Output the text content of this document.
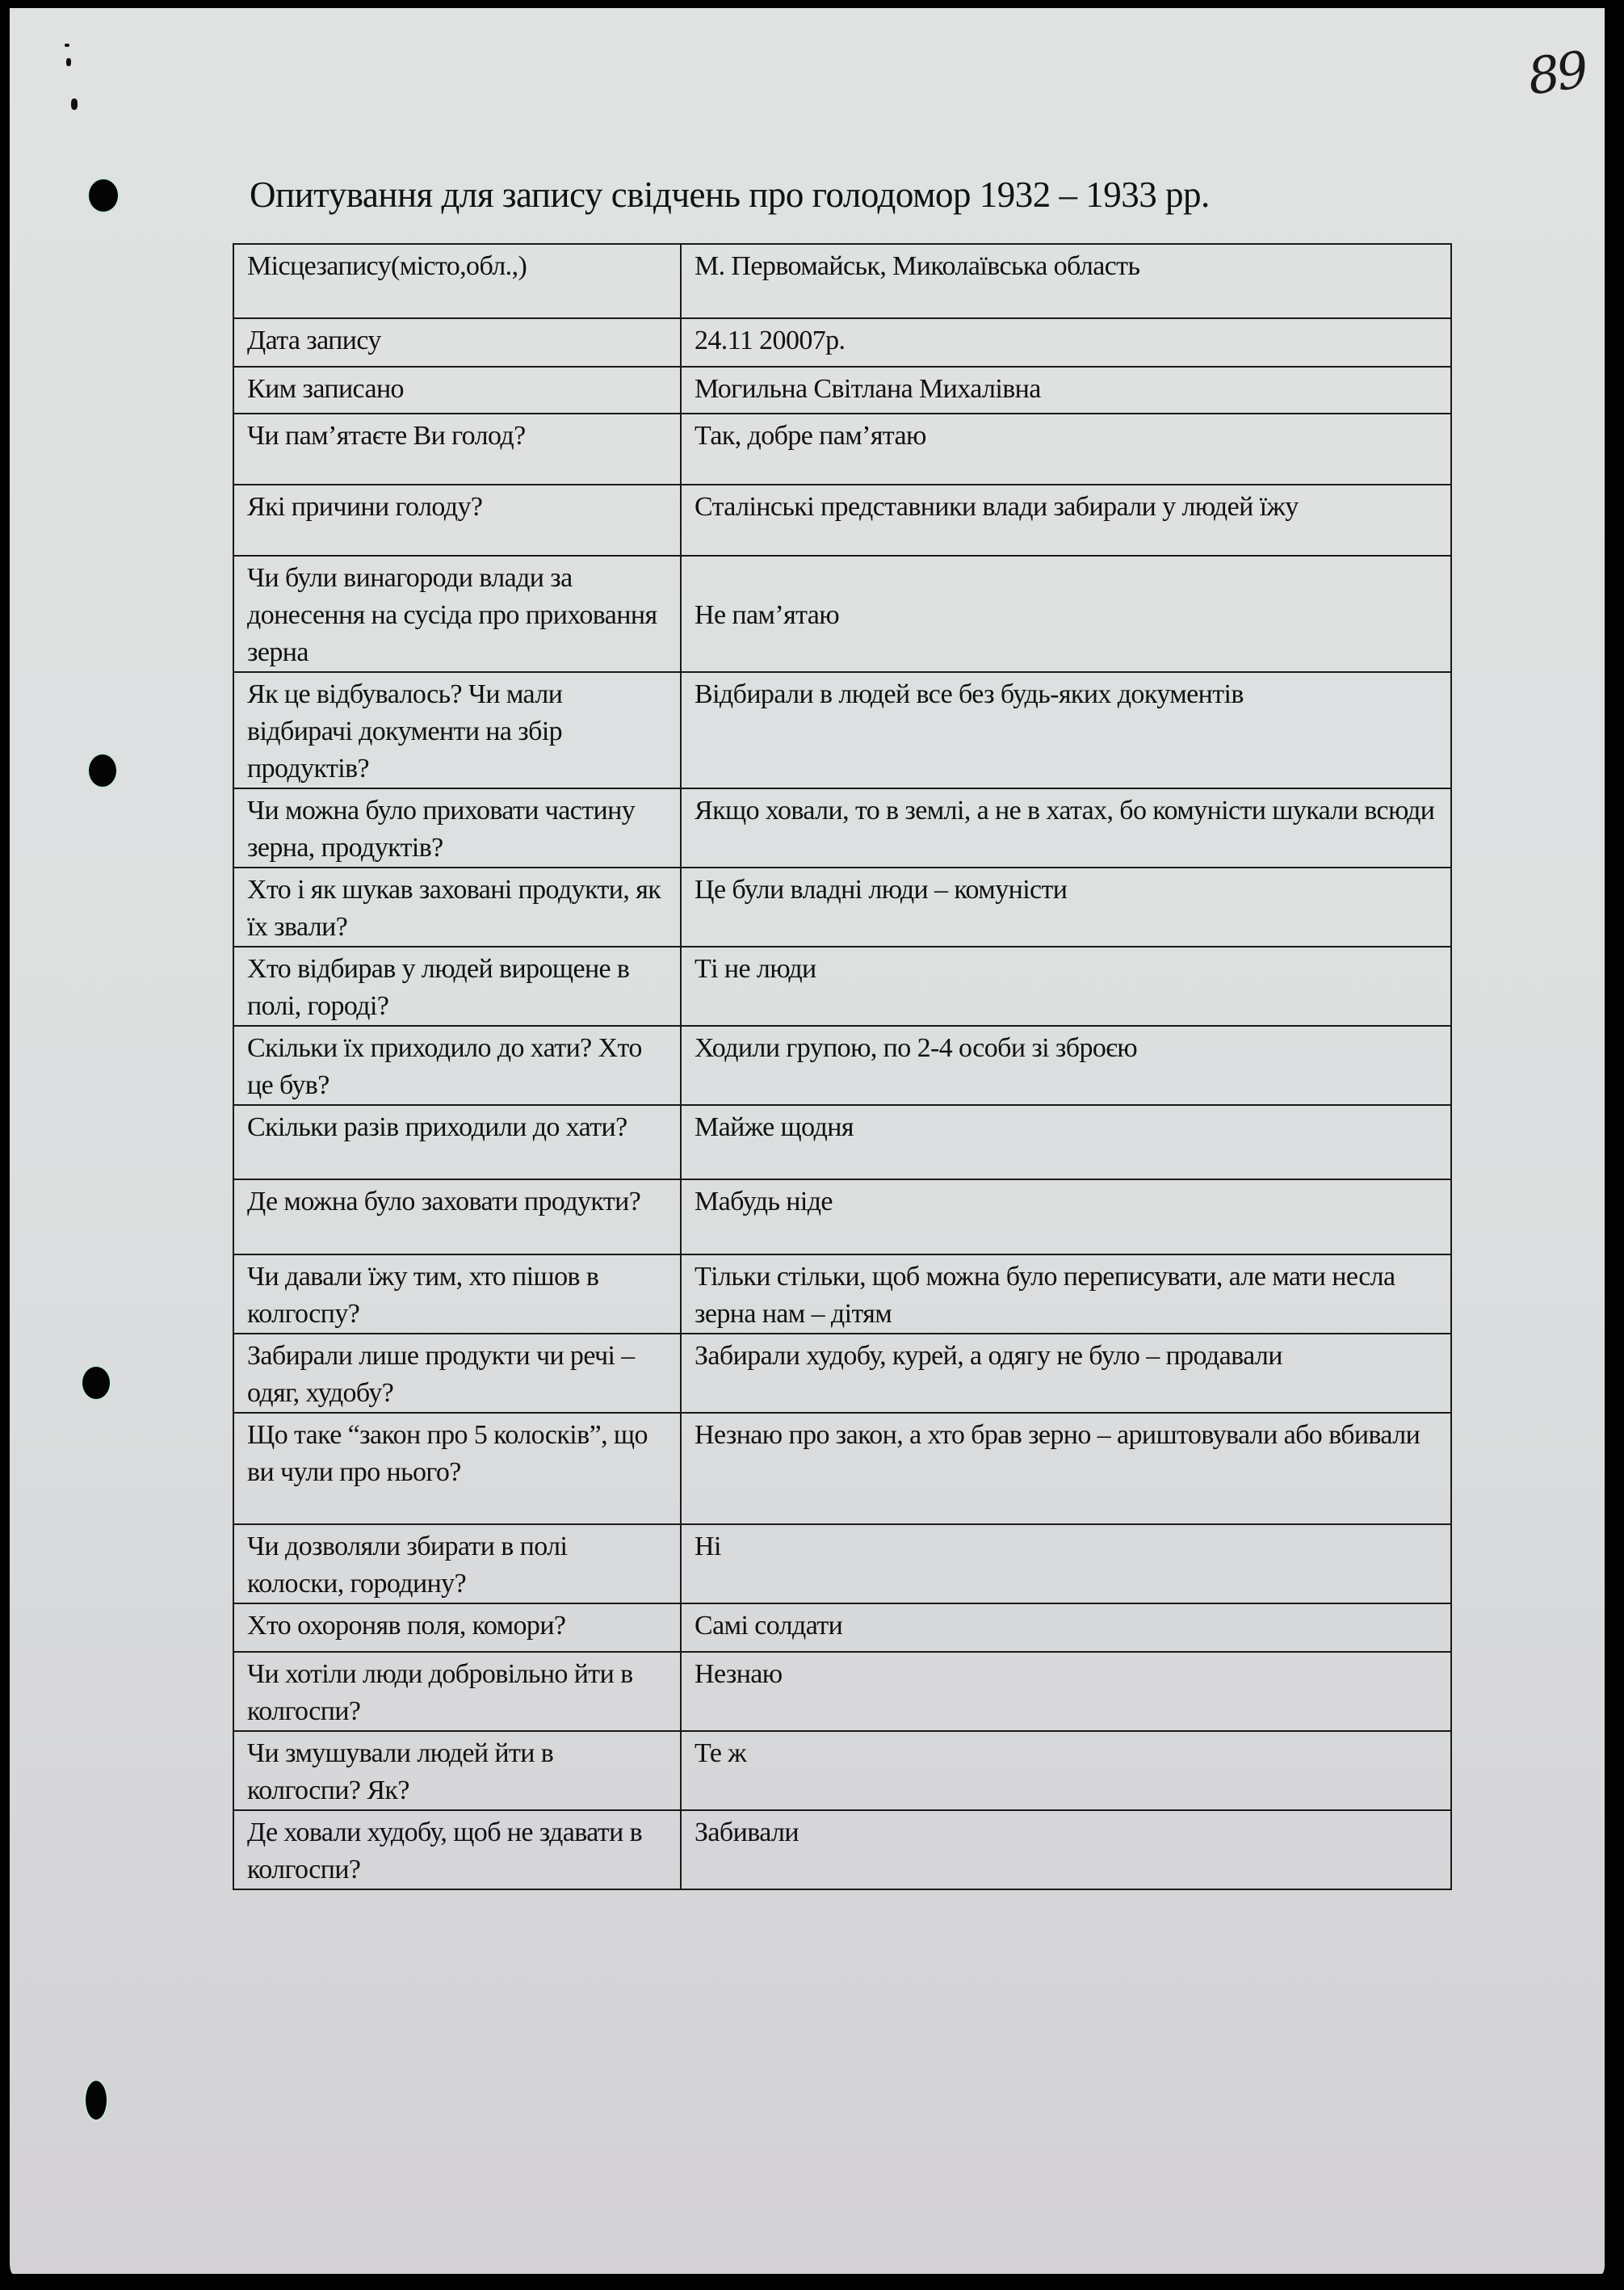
89
Опитування для запису свідчень про голодомор 1932 – 1933 рр.
Місцезапису(місто,обл.,)	М. Первомайськ, Миколаївська область
Дата запису	24.11 20007р.
Ким записано	Могильна Світлана Михалівна
Чи пам’ятаєте Ви голод?	Так, добре пам’ятаю
Які причини голоду?	Сталінські представники влади забирали у людей їжу
Чи були винагороди влади за донесення на сусіда про приховання зерна	Не пам’ятаю
Як це відбувалось? Чи мали відбирачі документи на збір продуктів?	Відбирали в людей все без будь-яких документів
Чи можна було приховати частину зерна, продуктів?	Якщо ховали, то в землі, а не в хатах, бо комуністи шукали всюди
Хто і як шукав заховані продукти, як їх звали?	Це були владні люди – комуністи
Хто відбирав у людей вирощене в полі, городі?	Ті не люди
Скільки їх приходило до хати? Хто це був?	Ходили групою, по 2-4 особи зі зброєю
Скільки разів приходили до хати?	Майже щодня
Де можна було заховати продукти?	Мабудь ніде
Чи давали їжу тим, хто пішов в колгоспу?	Тільки стільки, щоб можна було переписувати, але мати несла зерна нам – дітям
Забирали лише продукти чи речі – одяг, худобу?	Забирали худобу, курей, а одягу не було – продавали
Що таке “закон про 5 колосків”, що ви чули про нього?	Незнаю про закон, а хто брав зерно – ариштовували або вбивали
Чи дозволяли збирати в полі колоски, городину?	Ні
Хто охороняв поля, комори?	Самі солдати
Чи хотіли люди добровільно йти в колгоспи?	Незнаю
Чи змушували людей йти в колгоспи? Як?	Те ж
Де ховали худобу, щоб не здавати в колгоспи?	Забивали
